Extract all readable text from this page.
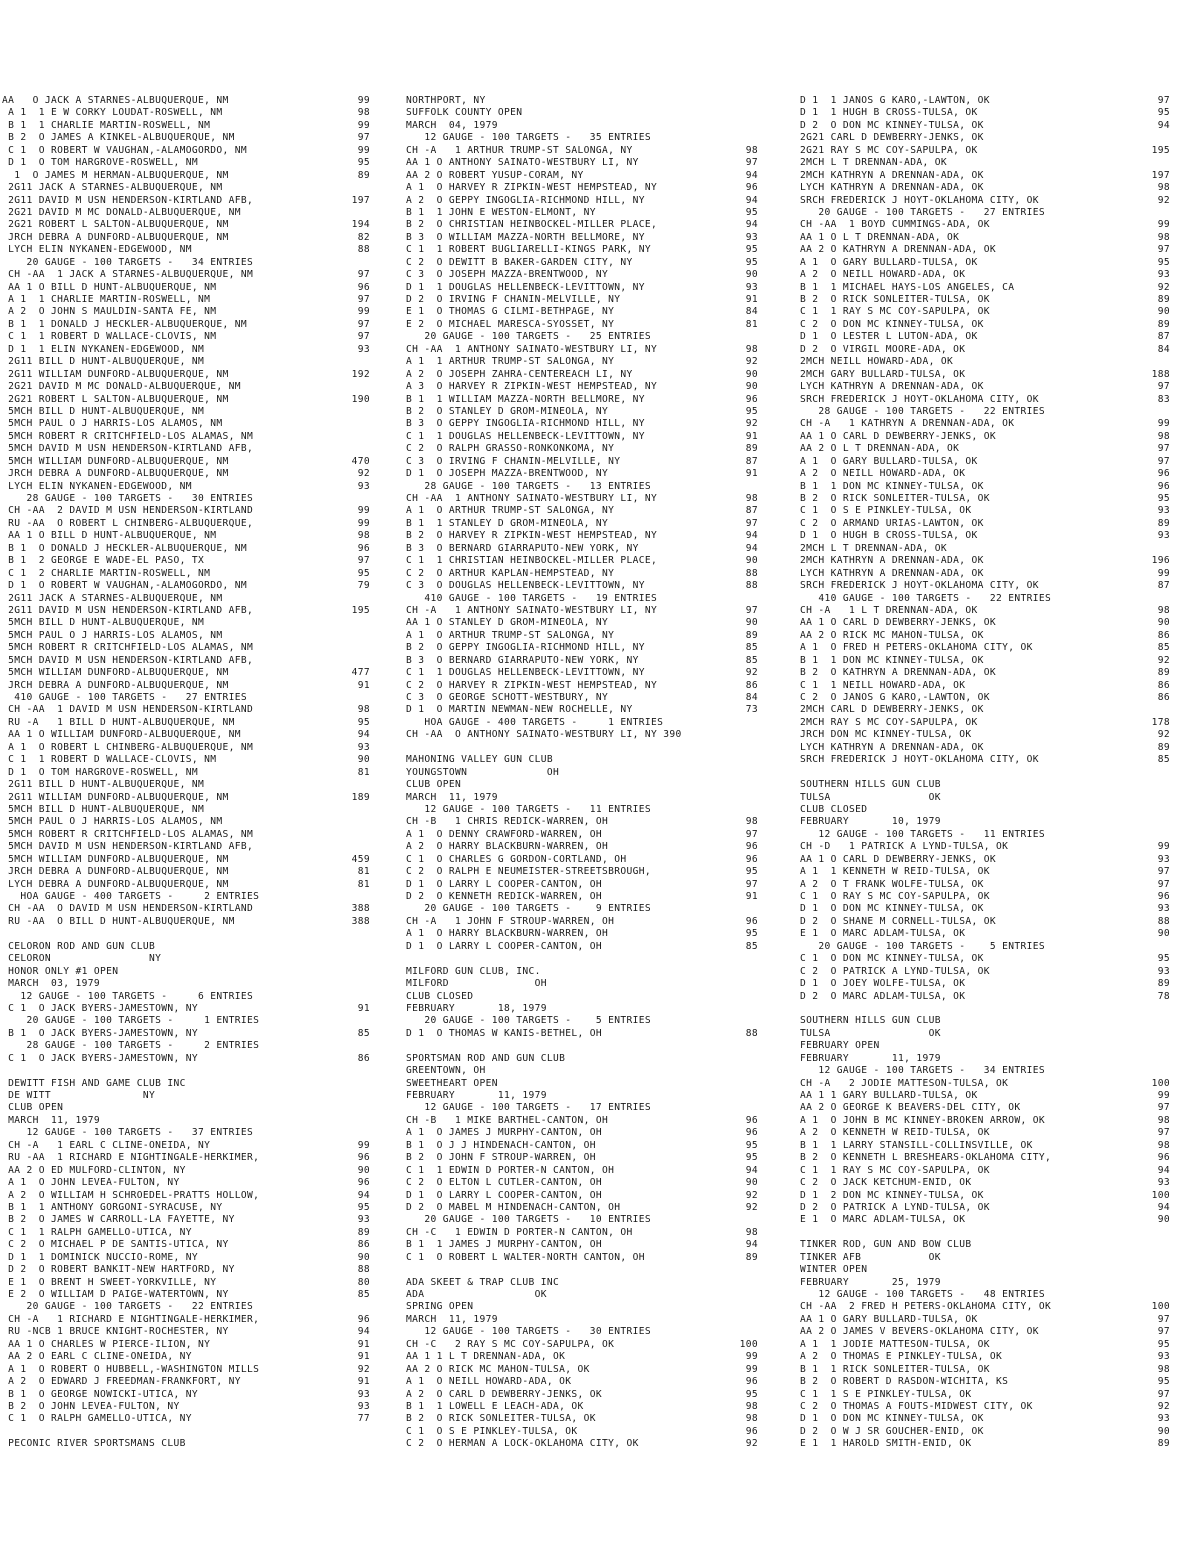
AA   O JACK A STARNES-ALBUQUERQUE, NM	99
A 1  1 E W CORKY LOUDAT-ROSWELL, NM	98
B 1  1 CHARLIE MARTIN-ROSWELL, NM	99
B 2  O JAMES A KINKEL-ALBUQUERQUE, NM	97
C 1  O ROBERT W VAUGHAN,-ALAMOGORDO, NM	99
D 1  O TOM HARGROVE-ROSWELL, NM	95
1  O JAMES M HERMAN-ALBUQUERQUE, NM	89
2G11 JACK A STARNES-ALBUQUERQUE, NM
2G11 DAVID M USN HENDERSON-KIRTLAND AFB,	197
2G21 DAVID M MC DONALD-ALBUQUERQUE, NM
2G21 ROBERT L SALTON-ALBUQUERQUE, NM	194
JRCH DEBRA A DUNFORD-ALBUQUERQUE, NM	82
LYCH ELIN NYKANEN-EDGEWOOD, NM	88
20 GAUGE - 100 TARGETS -   34 ENTRIES
CH -AA  1 JACK A STARNES-ALBUQUERQUE, NM	97
AA 1 O BILL D HUNT-ALBUQUERQUE, NM	96
A 1  1 CHARLIE MARTIN-ROSWELL, NM	97
A 2  O JOHN S MAULDIN-SANTA FE, NM	99
B 1  1 DONALD J HECKLER-ALBUQUERQUE, NM	97
C 1  1 ROBERT D WALLACE-CLOVIS, NM	97
D 1  1 ELIN NYKANEN-EDGEWOOD, NM	93
2G11 BILL D HUNT-ALBUQUERQUE, NM
2G11 WILLIAM DUNFORD-ALBUQUERQUE, NM	192
2G21 DAVID M MC DONALD-ALBUQUERQUE, NM
2G21 ROBERT L SALTON-ALBUQUERQUE, NM	190
5MCH BILL D HUNT-ALBUQUERQUE, NM
5MCH PAUL O J HARRIS-LOS ALAMOS, NM
5MCH ROBERT R CRITCHFIELD-LOS ALAMAS, NM
5MCH DAVID M USN HENDERSON-KIRTLAND AFB,
5MCH WILLIAM DUNFORD-ALBUQUERQUE, NM	470
JRCH DEBRA A DUNFORD-ALBUQUERQUE, NM	92
LYCH ELIN NYKANEN-EDGEWOOD, NM	93
28 GAUGE - 100 TARGETS -   30 ENTRIES
CH -AA  2 DAVID M USN HENDERSON-KIRTLAND	99
RU -AA  O ROBERT L CHINBERG-ALBUQUERQUE,	99
AA 1 O BILL D HUNT-ALBUQUERQUE, NM	98
B 1  O DONALD J HECKLER-ALBUQUERQUE, NM	96
B 1  2 GEORGE E WADE-EL PASO, TX	97
C 1  2 CHARLIE MARTIN-ROSWELL, NM	95
D 1  O ROBERT W VAUGHAN,-ALAMOGORDO, NM	79
2G11 JACK A STARNES-ALBUQUERQUE, NM
2G11 DAVID M USN HENDERSON-KIRTLAND AFB,	195
5MCH BILL D HUNT-ALBUQUERQUE, NM
5MCH PAUL O J HARRIS-LOS ALAMOS, NM
5MCH ROBERT R CRITCHFIELD-LOS ALAMAS, NM
5MCH DAVID M USN HENDERSON-KIRTLAND AFB,
5MCH WILLIAM DUNFORD-ALBUQUERQUE, NM	477
JRCH DEBRA A DUNFORD-ALBUQUERQUE, NM	91
410 GAUGE - 100 TARGETS -   27 ENTRIES
CH -AA  1 DAVID M USN HENDERSON-KIRTLAND	98
RU -A   1 BILL D HUNT-ALBUQUERQUE, NM	95
AA 1 O WILLIAM DUNFORD-ALBUQUERQUE, NM	94
A 1  O ROBERT L CHINBERG-ALBUQUERQUE, NM	93
C 1  1 ROBERT D WALLACE-CLOVIS, NM	90
D 1  O TOM HARGROVE-ROSWELL, NM	81
2G11 BILL D HUNT-ALBUQUERQUE, NM
2G11 WILLIAM DUNFORD-ALBUQUERQUE, NM	189
5MCH BILL D HUNT-ALBUQUERQUE, NM
5MCH PAUL O J HARRIS-LOS ALAMOS, NM
5MCH ROBERT R CRITCHFIELD-LOS ALAMAS, NM
5MCH DAVID M USN HENDERSON-KIRTLAND AFB,
5MCH WILLIAM DUNFORD-ALBUQUERQUE, NM	459
JRCH DEBRA A DUNFORD-ALBUQUERQUE, NM	81
LYCH DEBRA A DUNFORD-ALBUQUERQUE, NM	81
HOA GAUGE - 400 TARGETS -     2 ENTRIES
CH -AA  O DAVID M USN HENDERSON-KIRTLAND	388
RU -AA  O BILL D HUNT-ALBUQUERQUE, NM	388
CELORON ROD AND GUN CLUB
CELORON                NY
HONOR ONLY #1 OPEN
MARCH  03, 1979
12 GAUGE - 100 TARGETS -     6 ENTRIES
C 1  O JACK BYERS-JAMESTOWN, NY	91
20 GAUGE - 100 TARGETS -     1 ENTRIES
B 1  O JACK BYERS-JAMESTOWN, NY	85
28 GAUGE - 100 TARGETS -     2 ENTRIES
C 1  O JACK BYERS-JAMESTOWN, NY	86
DEWITT FISH AND GAME CLUB INC
DE WITT               NY
CLUB OPEN
MARCH  11, 1979
12 GAUGE - 100 TARGETS -   37 ENTRIES
CH -A   1 EARL C CLINE-ONEIDA, NY	99
RU -AA  1 RICHARD E NIGHTINGALE-HERKIMER,	96
AA 2 O ED MULFORD-CLINTON, NY	90
A 1  O JOHN LEVEA-FULTON, NY	96
A 2  O WILLIAM H SCHROEDEL-PRATTS HOLLOW,	94
B 1  1 ANTHONY GORGONI-SYRACUSE, NY	95
B 2  O JAMES W CARROLL-LA FAYETTE, NY	93
C 1  1 RALPH GAMELLO-UTICA, NY	89
C 2  O MICHAEL P DE SANTIS-UTICA, NY	86
D 1  1 DOMINICK NUCCIO-ROME, NY	90
D 2  O ROBERT BANKIT-NEW HARTFORD, NY	88
E 1  O BRENT H SWEET-YORKVILLE, NY	80
E 2  O WILLIAM D PAIGE-WATERTOWN, NY	85
20 GAUGE - 100 TARGETS -   22 ENTRIES
CH -A   1 RICHARD E NIGHTINGALE-HERKIMER,	96
RU -NCB 1 BRUCE KNIGHT-ROCHESTER, NY	94
AA 1 O CHARLES W PIERCE-ILION, NY	91
AA 2 O EARL C CLINE-ONEIDA, NY	91
A 1  O ROBERT O HUBBELL,-WASHINGTON MILLS	92
A 2  O EDWARD J FREEDMAN-FRANKFORT, NY	91
B 1  O GEORGE NOWICKI-UTICA, NY	93
B 2  O JOHN LEVEA-FULTON, NY	93
C 1  O RALPH GAMELLO-UTICA, NY	77
PECONIC RIVER SPORTSMANS CLUB
NORTHPORT, NY
SUFFOLK COUNTY OPEN
MARCH  04, 1979
12 GAUGE - 100 TARGETS -   35 ENTRIES
CH -A   1 ARTHUR TRUMP-ST SALONGA, NY	98
AA 1 O ANTHONY SAINATO-WESTBURY LI, NY	97
AA 2 O ROBERT YUSUP-CORAM, NY	94
A 1  O HARVEY R ZIPKIN-WEST HEMPSTEAD, NY	96
A 2  O GEPPY INGOGLIA-RICHMOND HILL, NY	94
B 1  1 JOHN E WESTON-ELMONT, NY	95
B 2  O CHRISTIAN HEINBOCKEL-MILLER PLACE,	94
B 3  O WILLIAM MAZZA-NORTH BELLMORE, NY	93
C 1  1 ROBERT BUGLIARELLI-KINGS PARK, NY	95
C 2  O DEWITT B BAKER-GARDEN CITY, NY	95
C 3  O JOSEPH MAZZA-BRENTWOOD, NY	90
D 1  1 DOUGLAS HELLENBECK-LEVITTOWN, NY	93
D 2  O IRVING F CHANIN-MELVILLE, NY	91
E 1  O THOMAS G CILMI-BETHPAGE, NY	84
E 2  O MICHAEL MARESCA-SYOSSET, NY	81
20 GAUGE - 100 TARGETS -   25 ENTRIES
CH -AA  1 ANTHONY SAINATO-WESTBURY LI, NY	98
A 1  1 ARTHUR TRUMP-ST SALONGA, NY	92
A 2  O JOSEPH ZAHRA-CENTEREACH LI, NY	90
A 3  O HARVEY R ZIPKIN-WEST HEMPSTEAD, NY	90
B 1  1 WILLIAM MAZZA-NORTH BELLMORE, NY	96
B 2  O STANLEY D GROM-MINEOLA, NY	95
B 3  O GEPPY INGOGLIA-RICHMOND HILL, NY	92
C 1  1 DOUGLAS HELLENBECK-LEVITTOWN, NY	91
C 2  O RALPH GRASSO-RONKONKOMA, NY	89
C 3  O IRVING F CHANIN-MELVILLE, NY	87
D 1  O JOSEPH MAZZA-BRENTWOOD, NY	91
28 GAUGE - 100 TARGETS -   13 ENTRIES
CH -AA  1 ANTHONY SAINATO-WESTBURY LI, NY	98
A 1  O ARTHUR TRUMP-ST SALONGA, NY	87
B 1  1 STANLEY D GROM-MINEOLA, NY	97
B 2  O HARVEY R ZIPKIN-WEST HEMPSTEAD, NY	94
B 3  O BERNARD GIARRAPUTO-NEW YORK, NY	94
C 1  1 CHRISTIAN HEINBOCKEL-MILLER PLACE,	90
C 2  O ARTHUR KAPLAN-HEMPSTEAD, NY	88
C 3  O DOUGLAS HELLENBECK-LEVITTOWN, NY	88
410 GAUGE - 100 TARGETS -   19 ENTRIES
CH -A   1 ANTHONY SAINATO-WESTBURY LI, NY	97
AA 1 O STANLEY D GROM-MINEOLA, NY	90
A 1  O ARTHUR TRUMP-ST SALONGA, NY	89
B 2  O GEPPY INGOGLIA-RICHMOND HILL, NY	85
B 3  O BERNARD GIARRAPUTO-NEW YORK, NY	85
C 1  1 DOUGLAS HELLENBECK-LEVITTOWN, NY	92
C 2  O HARVEY R ZIPKIN-WEST HEMPSTEAD, NY	86
C 3  O GEORGE SCHOTT-WESTBURY, NY	84
D 1  O MARTIN NEWMAN-NEW ROCHELLE, NY	73
HOA GAUGE - 400 TARGETS -     1 ENTRIES
CH -AA  O ANTHONY SAINATO-WESTBURY LI, NY 390
MAHONING VALLEY GUN CLUB
YOUNGSTOWN             OH
CLUB OPEN
MARCH  11, 1979
12 GAUGE - 100 TARGETS -   11 ENTRIES
CH -B   1 CHRIS REDICK-WARREN, OH	98
A 1  O DENNY CRAWFORD-WARREN, OH	97
A 2  O HARRY BLACKBURN-WARREN, OH	96
C 1  O CHARLES G GORDON-CORTLAND, OH	96
C 2  O RALPH E NEUMEISTER-STREETSBROUGH,	95
D 1  O LARRY L COOPER-CANTON, OH	97
D 2  O KENNETH REDICK-WARREN, OH	91
20 GAUGE - 100 TARGETS -    9 ENTRIES
CH -A   1 JOHN F STROUP-WARREN, OH	96
A 1  O HARRY BLACKBURN-WARREN, OH	95
D 1  O LARRY L COOPER-CANTON, OH	85
MILFORD GUN CLUB, INC.
MILFORD              OH
CLUB CLOSED
FEBRUARY       18, 1979
20 GAUGE - 100 TARGETS -    5 ENTRIES
D 1  O THOMAS W KANIS-BETHEL, OH	88
SPORTSMAN ROD AND GUN CLUB
GREENTOWN, OH
SWEETHEART OPEN
FEBRUARY       11, 1979
12 GAUGE - 100 TARGETS -   17 ENTRIES
CH -B   1 MIKE BARTHEL-CANTON, OH	96
A 1  O JAMES J MURPHY-CANTON, OH	96
B 1  O J J HINDENACH-CANTON, OH	95
B 2  O JOHN F STROUP-WARREN, OH	95
C 1  1 EDWIN D PORTER-N CANTON, OH	94
C 2  O ELTON L CUTLER-CANTON, OH	90
D 1  O LARRY L COOPER-CANTON, OH	92
D 2  O MABEL M HINDENACH-CANTON, OH	92
20 GAUGE - 100 TARGETS -   10 ENTRIES
CH -C   1 EDWIN D PORTER-N CANTON, OH	98
B 1  1 JAMES J MURPHY-CANTON, OH	94
C 1  O ROBERT L WALTER-NORTH CANTON, OH	89
ADA SKEET & TRAP CLUB INC
ADA                  OK
SPRING OPEN
MARCH  11, 1979
12 GAUGE - 100 TARGETS -   30 ENTRIES
CH -C   2 RAY S MC COY-SAPULPA, OK	100
AA 1 1 L T DRENNAN-ADA, OK	99
AA 2 O RICK MC MAHON-TULSA, OK	99
A 1  O NEILL HOWARD-ADA, OK	96
A 2  O CARL D DEWBERRY-JENKS, OK	95
B 1  1 LOWELL E LEACH-ADA, OK	98
B 2  O RICK SONLEITER-TULSA, OK	98
C 1  O S E PINKLEY-TULSA, OK	96
C 2  O HERMAN A LOCK-OKLAHOMA CITY, OK	92
D 1  1 JANOS G KARO,-LAWTON, OK	97
D 1  1 HUGH B CROSS-TULSA, OK	95
D 2  O DON MC KINNEY-TULSA, OK	94
2G21 CARL D DEWBERRY-JENKS, OK
2G21 RAY S MC COY-SAPULPA, OK	195
2MCH L T DRENNAN-ADA, OK
2MCH KATHRYN A DRENNAN-ADA, OK	197
LYCH KATHRYN A DRENNAN-ADA, OK	98
SRCH FREDERICK J HOYT-OKLAHOMA CITY, OK	92
20 GAUGE - 100 TARGETS -   27 ENTRIES
CH -AA  1 BOYD CUMMINGS-ADA, OK	99
AA 1 O L T DRENNAN-ADA, OK	98
AA 2 O KATHRYN A DRENNAN-ADA, OK	97
A 1  O GARY BULLARD-TULSA, OK	95
A 2  O NEILL HOWARD-ADA, OK	93
B 1  1 MICHAEL HAYS-LOS ANGELES, CA	92
B 2  O RICK SONLEITER-TULSA, OK	89
C 1  1 RAY S MC COY-SAPULPA, OK	90
C 2  O DON MC KINNEY-TULSA, OK	89
D 1  O LESTER L LUTON-ADA, OK	87
D 2  O VIRGIL MOORE-ADA, OK	84
2MCH NEILL HOWARD-ADA, OK
2MCH GARY BULLARD-TULSA, OK	188
LYCH KATHRYN A DRENNAN-ADA, OK	97
SRCH FREDERICK J HOYT-OKLAHOMA CITY, OK	83
28 GAUGE - 100 TARGETS -   22 ENTRIES
CH -A   1 KATHRYN A DRENNAN-ADA, OK	99
AA 1 O CARL D DEWBERRY-JENKS, OK	98
AA 2 O L T DRENNAN-ADA, OK	97
A 1  O GARY BULLARD-TULSA, OK	97
A 2  O NEILL HOWARD-ADA, OK	96
B 1  1 DON MC KINNEY-TULSA, OK	96
B 2  O RICK SONLEITER-TULSA, OK	95
C 1  O S E PINKLEY-TULSA, OK	93
C 2  O ARMAND URIAS-LAWTON, OK	89
D 1  O HUGH B CROSS-TULSA, OK	93
2MCH L T DRENNAN-ADA, OK
2MCH KATHRYN A DRENNAN-ADA, OK	196
LYCH KATHRYN A DRENNAN-ADA, OK	99
SRCH FREDERICK J HOYT-OKLAHOMA CITY, OK	87
410 GAUGE - 100 TARGETS -   22 ENTRIES
CH -A   1 L T DRENNAN-ADA, OK	98
AA 1 O CARL D DEWBERRY-JENKS, OK	90
AA 2 O RICK MC MAHON-TULSA, OK	86
A 1  O FRED H PETERS-OKLAHOMA CITY, OK	85
B 1  1 DON MC KINNEY-TULSA, OK	92
B 2  O KATHRYN A DRENNAN-ADA, OK	89
C 1  1 NEILL HOWARD-ADA, OK	86
C 2  O JANOS G KARO,-LAWTON, OK	86
2MCH CARL D DEWBERRY-JENKS, OK
2MCH RAY S MC COY-SAPULPA, OK	178
JRCH DON MC KINNEY-TULSA, OK	92
LYCH KATHRYN A DRENNAN-ADA, OK	89
SRCH FREDERICK J HOYT-OKLAHOMA CITY, OK	85
SOUTHERN HILLS GUN CLUB
TULSA                OK
CLUB CLOSED
FEBRUARY       10, 1979
12 GAUGE - 100 TARGETS -   11 ENTRIES
CH -D   1 PATRICK A LYND-TULSA, OK	99
AA 1 O CARL D DEWBERRY-JENKS, OK	93
A 1  1 KENNETH W REID-TULSA, OK	97
A 2  O T FRANK WOLFE-TULSA, OK	97
C 1  O RAY S MC COY-SAPULPA, OK	96
D 1  O DON MC KINNEY-TULSA, OK	93
D 2  O SHANE M CORNELL-TULSA, OK	88
E 1  O MARC ADLAM-TULSA, OK	90
20 GAUGE - 100 TARGETS -    5 ENTRIES
C 1  O DON MC KINNEY-TULSA, OK	95
C 2  O PATRICK A LYND-TULSA, OK	93
D 1  O JOEY WOLFE-TULSA, OK	89
D 2  O MARC ADLAM-TULSA, OK	78
SOUTHERN HILLS GUN CLUB
TULSA                OK
FEBRUARY OPEN
FEBRUARY       11, 1979
12 GAUGE - 100 TARGETS -   34 ENTRIES
CH -A   2 JODIE MATTESON-TULSA, OK	100
AA 1 1 GARY BULLARD-TULSA, OK	99
AA 2 O GEORGE K BEAVERS-DEL CITY, OK	97
A 1  O JOHN B MC KINNEY-BROKEN ARROW, OK	98
A 2  O KENNETH W REID-TULSA, OK	97
B 1  1 LARRY STANSILL-COLLINSVILLE, OK	98
B 2  O KENNETH L BRESHEARS-OKLAHOMA CITY,	96
C 1  1 RAY S MC COY-SAPULPA, OK	94
C 2  O JACK KETCHUM-ENID, OK	93
D 1  2 DON MC KINNEY-TULSA, OK	100
D 2  O PATRICK A LYND-TULSA, OK	94
E 1  O MARC ADLAM-TULSA, OK	90
TINKER ROD, GUN AND BOW CLUB
TINKER AFB           OK
WINTER OPEN
FEBRUARY       25, 1979
12 GAUGE - 100 TARGETS -   48 ENTRIES
CH -AA  2 FRED H PETERS-OKLAHOMA CITY, OK	100
AA 1 O GARY BULLARD-TULSA, OK	97
AA 2 O JAMES V BEVERS-OKLAHOMA CITY, OK	97
A 1  1 JODIE MATTESON-TULSA, OK	95
A 2  O THOMAS E PINKLEY-TULSA, OK	93
B 1  1 RICK SONLEITER-TULSA, OK	98
B 2  O ROBERT D RASDON-WICHITA, KS	95
C 1  1 S E PINKLEY-TULSA, OK	97
C 2  O THOMAS A FOUTS-MIDWEST CITY, OK	92
D 1  O DON MC KINNEY-TULSA, OK	93
D 2  O W J SR GOUCHER-ENID, OK	90
E 1  1 HAROLD SMITH-ENID, OK	89
